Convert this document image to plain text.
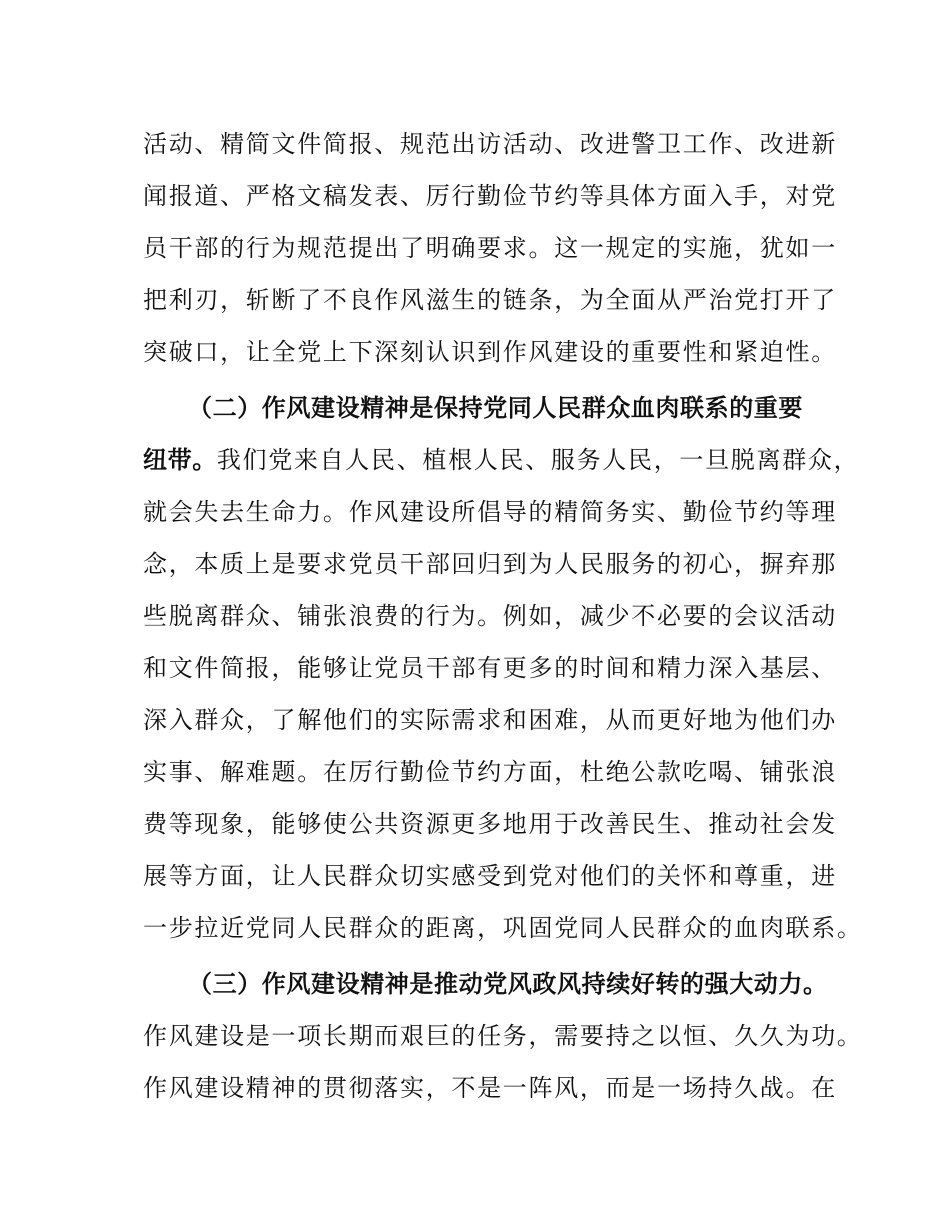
活动、精简文件简报、规范出访活动、改进警卫工作、改进新
闻报道、严格文稿发表、厉行勤俭节约等具体方面入手，对党
员干部的行为规范提出了明确要求。这一规定的实施，犹如一
把利刃，斩断了不良作风滋生的链条，为全面从严治党打开了
突破口，让全党上下深刻认识到作风建设的重要性和紧迫性。
（二）作风建设精神是保持党同人民群众血肉联系的重要
纽带。我们党来自人民、植根人民、服务人民，一旦脱离群众，
就会失去生命力。作风建设所倡导的精简务实、勤俭节约等理
念，本质上是要求党员干部回归到为人民服务的初心，摒弃那
些脱离群众、铺张浪费的行为。例如，减少不必要的会议活动
和文件简报，能够让党员干部有更多的时间和精力深入基层、
深入群众，了解他们的实际需求和困难，从而更好地为他们办
实事、解难题。在厉行勤俭节约方面，杜绝公款吃喝、铺张浪
费等现象，能够使公共资源更多地用于改善民生、推动社会发
展等方面，让人民群众切实感受到党对他们的关怀和尊重，进
一步拉近党同人民群众的距离，巩固党同人民群众的血肉联系。
（三）作风建设精神是推动党风政风持续好转的强大动力。
作风建设是一项长期而艰巨的任务，需要持之以恒、久久为功。
作风建设精神的贯彻落实，不是一阵风，而是一场持久战。在
